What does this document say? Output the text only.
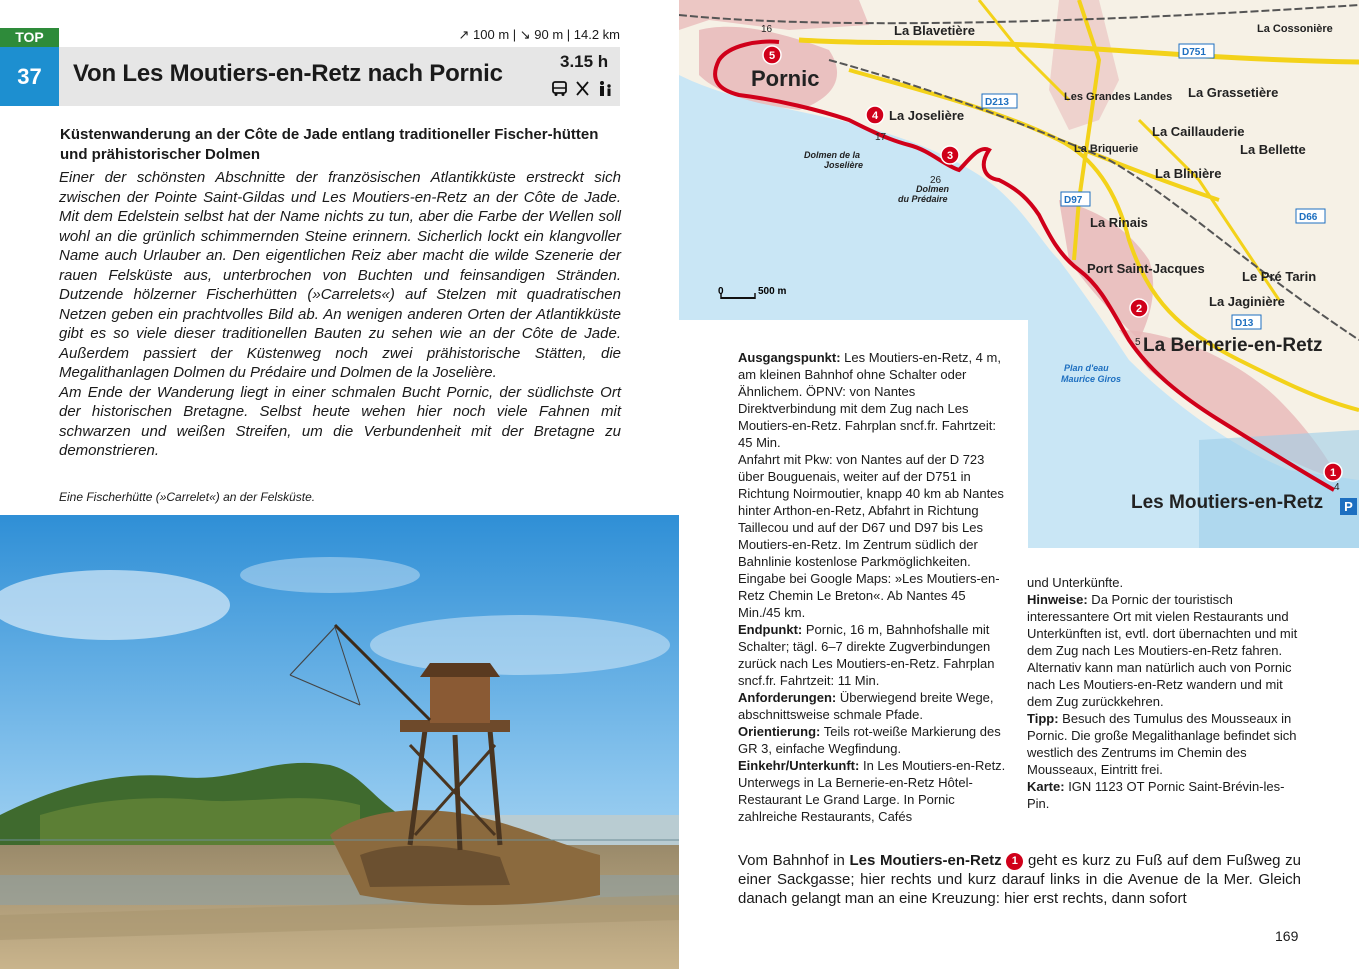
TOP
37	Von Les Moutiers-en-Retz nach Pornic
↗ 100 m | ↘ 90 m | 14.2 km
3.15 h

Küstenwanderung an der Côte de Jade entlang traditioneller Fischer-hütten und prähistorischer Dolmen

Einer der schönsten Abschnitte der französischen Atlantikküste erstreckt sich zwischen der Pointe Saint-Gildas und Les Moutiers-en-Retz an der Côte de Jade. Mit dem Edelstein selbst hat der Name nichts zu tun, aber die Farbe der Wellen soll wohl an die grünlich schimmernden Steine erinnern. Sicherlich lockt ein klangvoller Name auch Urlauber an. Den eigentlichen Reiz aber macht die wilde Szenerie der rauen Felsküste aus, unterbrochen von Buchten und feinsandigen Stränden. Dutzende hölzerner Fischerhütten (»Carrelets«) auf Stelzen mit quadratischen Netzen geben ein prachtvolles Bild ab. An wenigen anderen Orten der Atlantikküste gibt es so viele dieser traditionellen Bauten zu sehen wie an der Côte de Jade. Außerdem passiert der Küstenweg noch zwei prähistorische Stätten, die Megalithanlagen Dolmen du Prédaire und Dolmen de la Joselière.

Am Ende der Wanderung liegt in einer schmalen Bucht Pornic, der südlichste Ort der historischen Bretagne. Selbst heute wehen hier noch viele Fahnen mit schwarzen und weißen Streifen, um die Verbundenheit mit der Bretagne zu demonstrieren.

Eine Fischerhütte (»Carrelet«) an der Felsküste.
5
4
3
2
1
P
Pornic
La Blavetière	La Cossonière
La Joselière
Les Grandes Landes La Grassetière
La Caillauderie
La Briquerie	La Bellette
La Blinière
La Rinais
Port Saint-Jacques
Le Pré Tarin
La Jaginière
La Bernerie-en-Retz
Les Moutiers-en-Retz
Dolmen de la
Joselière
Dolmen
du Prédaire
Plan d'eau
Maurice Giros
D751
D213
D97
D66
D13
16
17
26
5
4
0	500 m

Ausgangspunkt: Les Moutiers-en-Retz, 4 m, am kleinen Bahnhof ohne Schalter oder Ähnlichem. ÖPNV: von Nantes Direktverbindung mit dem Zug nach Les Moutiers-en-Retz. Fahrplan sncf.fr. Fahrtzeit: 45 Min.

Anfahrt mit Pkw: von Nantes auf der D 723 über Bouguenais, weiter auf der D751 in Richtung Noirmoutier, knapp 40 km ab Nantes hinter Arthon-en-Retz, Abfahrt in Richtung Taillecou und auf der D67 und D97 bis Les Moutiers-en-Retz. Im Zentrum südlich der Bahnlinie kostenlose Parkmöglichkeiten. Eingabe bei Google Maps: »Les Moutiers-en-Retz Chemin Le Breton«. Ab Nantes 45 Min./45 km.

Endpunkt: Pornic, 16 m, Bahnhofshalle mit Schalter; tägl. 6–7 direkte Zugverbindungen zurück nach Les Moutiers-en-Retz. Fahrplan sncf.fr. Fahrtzeit: 11 Min.

Anforderungen: Überwiegend breite Wege, abschnittsweise schmale Pfade.

Orientierung: Teils rot-weiße Markierung des GR 3, einfache Wegfindung.

Einkehr/Unterkunft: In Les Moutiers-en-Retz. Unterwegs in La Bernerie-en-Retz Hôtel-Restaurant Le Grand Large. In Pornic zahlreiche Restaurants, Cafés

und Unterkünfte.

Hinweise: Da Pornic der touristisch interessantere Ort mit vielen Restaurants und Unterkünften ist, evtl. dort übernachten und mit dem Zug nach Les Moutiers-en-Retz fahren. Alternativ kann man natürlich auch von Pornic nach Les Moutiers-en-Retz wandern und mit dem Zug zurückkehren.

Tipp: Besuch des Tumulus des Mousseaux in Pornic. Die große Megalithanlage befindet sich westlich des Zentrums im Chemin des Mousseaux, Eintritt frei.

Karte: IGN 1123 OT Pornic Saint-Brévin-les-Pin.

Vom Bahnhof in Les Moutiers-en-Retz 1 geht es kurz zu Fuß auf dem Fußweg zu einer Sackgasse; hier rechts und kurz darauf links in die Avenue de la Mer. Gleich danach gelangt man an eine Kreuzung: hier erst rechts, dann sofort
169
